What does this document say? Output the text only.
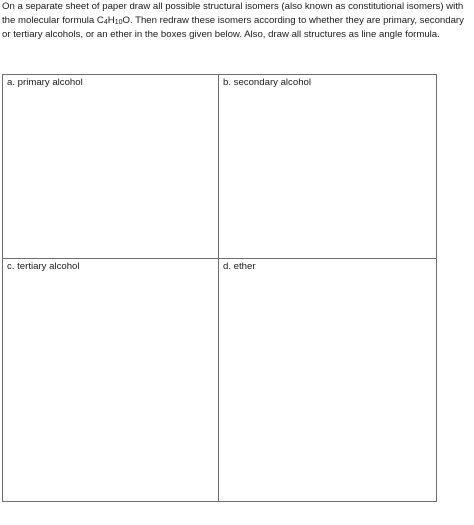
On a separate sheet of paper draw all possible structural isomers (also known as constitutional isomers) with the molecular formula $C_4H_{10}O$. Then redraw these isomers according to whether they are primary, secondary or tertiary alcohols, or an ether in the boxes given below. Also, draw all structures as line angle formula.
a. primary alcohol	b. secondary alcohol
c. tertiary alcohol	d. ether
